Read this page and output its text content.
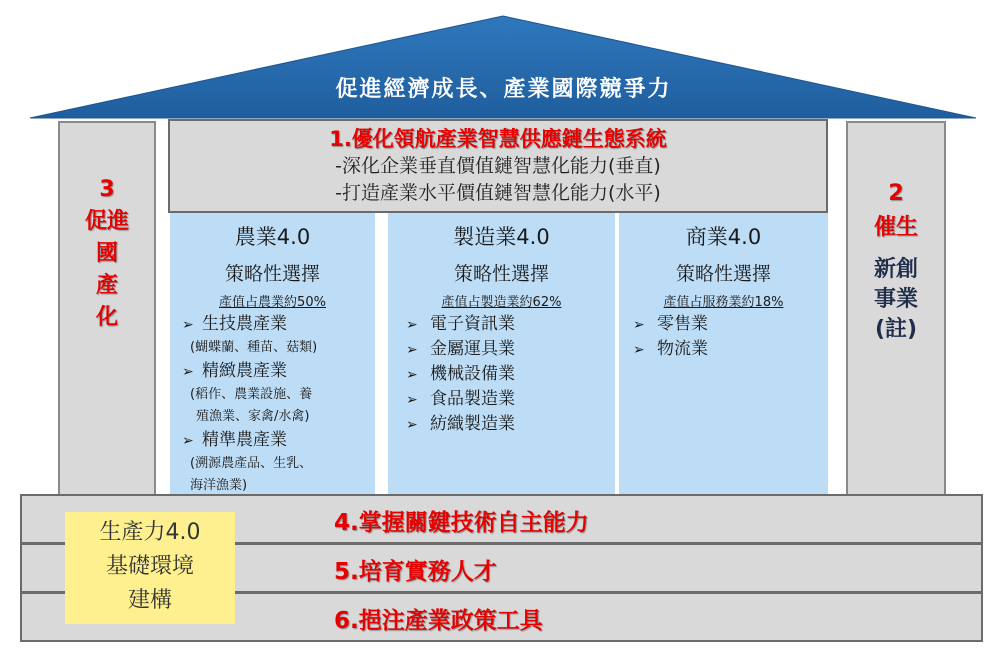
促進經濟成長、產業國際競爭力
3
促進
國
產
化
2
催生
新創
事業
(註)
1.優化領航產業智慧供應鏈生態系統
-深化企業垂直價值鏈智慧化能力(垂直)
-打造產業水平價值鏈智慧化能力(水平)
農業4.0
策略性選擇
產值占農業約50%
➢ 生技農產業
(蝴蝶蘭、種苗、菇類)
➢ 精緻農產業
(稻作、農業設施、養
殖漁業、家禽/水禽)
➢ 精準農產業
(溯源農產品、生乳、
海洋漁業)
製造業4.0
策略性選擇
產值占製造業約62%
➢ 電子資訊業
➢ 金屬運具業
➢ 機械設備業
➢ 食品製造業
➢ 紡織製造業
商業4.0
策略性選擇
產值占服務業約18%
➢ 零售業
➢ 物流業
4.掌握關鍵技術自主能力
5.培育實務人才
6.挹注產業政策工具
生產力4.0
基礎環境
建構
